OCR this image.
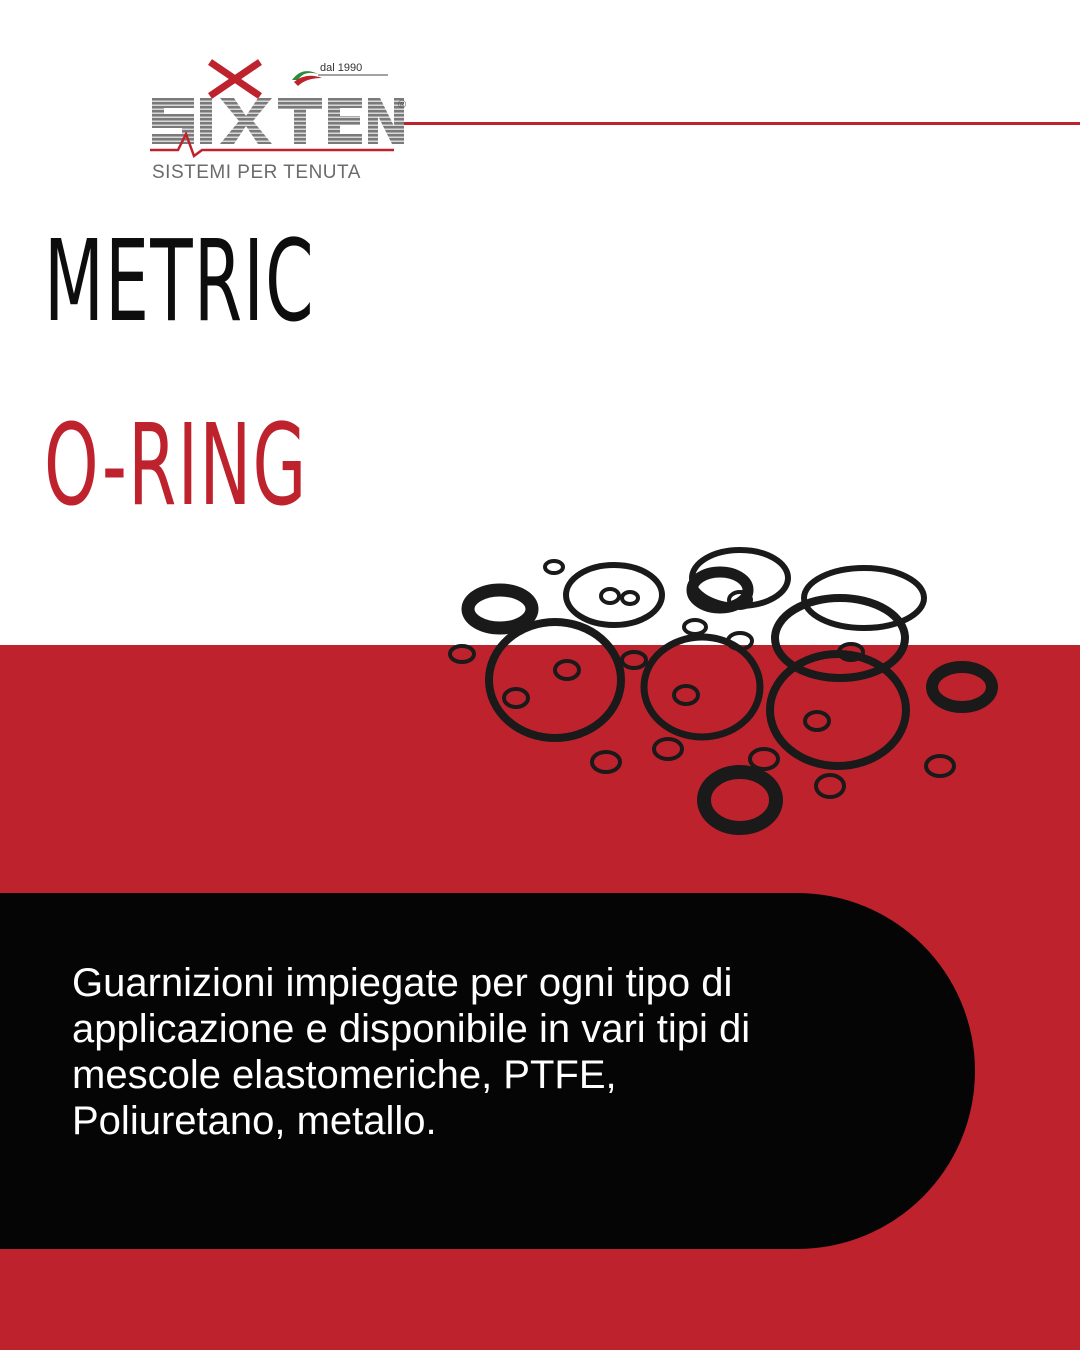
®
dal 1990
SISTEMI PER TENUTA
METRIC
O-RING

Guarnizioni impiegate per ogni tipo di applicazione e disponibile in vari tipi di mescole elastomeriche, PTFE, Poliuretano, metallo.
